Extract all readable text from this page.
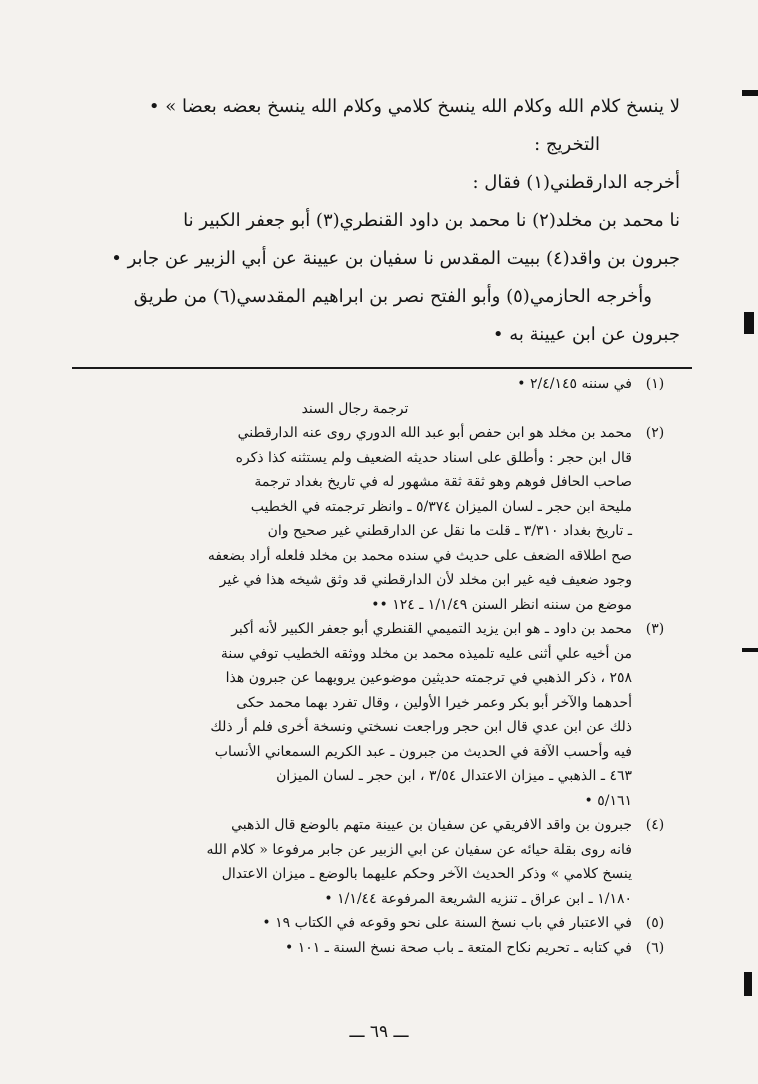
لا ينسخ كلام الله وكلام الله ينسخ كلامي وكلام الله ينسخ بعضه بعضا » •

التخريج :

أخرجه الدارقطني(١) فقال :

نا محمد بن مخلد(٢) نا محمد بن داود القنطري(٣) أبو جعفر الكبير نا

جبرون بن واقد(٤) ببيت المقدس نا سفيان بن عيينة عن أبي الزبير عن جابر •

وأخرجه الحازمي(٥) وأبو الفتح نصر بن ابراهيم المقدسي(٦) من طريق

جبرون عن ابن عيينة به •

(١)
في سننه ٢/٤/١٤٥ •
ترجمة رجال السند
(٢)
محمد بن مخلد هو ابن حفص أبو عبد الله الدوري روى عنه الدارقطني
قال ابن حجر : وأطلق على اسناد حديثه الضعيف ولم يستثنه كذا ذكره
صاحب الحافل فوهم وهو ثقة ثقة مشهور له في تاريخ بغداد ترجمة
مليحة ابن حجر ـ لسان الميزان ٥/٣٧٤ ـ وانظر ترجمته في الخطيب
ـ تاريخ بغداد ٣/٣١٠ ـ قلت ما نقل عن الدارقطني غير صحيح وان
صح اطلاقه الضعف على حديث في سنده محمد بن مخلد فلعله أراد بضعفه
وجود ضعيف فيه غير ابن مخلد لأن الدارقطني قد وثق شيخه هذا في غير
موضع من سننه انظر السنن ١/١/٤٩ ـ ١٢٤ ••
(٣)
محمد بن داود ـ هو ابن يزيد التميمي القنطري أبو جعفر الكبير لأنه أكبر
من أخيه علي أثنى عليه تلميذه محمد بن مخلد ووثقه الخطيب توفي سنة
٢٥٨ ، ذكر الذهبي في ترجمته حديثين موضوعين يرويهما عن جبرون هذا
أحدهما والآخر أبو بكر وعمر خيرا الأولين ، وقال تفرد بهما محمد حكى
ذلك عن ابن عدي قال ابن حجر وراجعت نسختي ونسخة أخرى فلم أر ذلك
فيه وأحسب الآفة في الحديث من جبرون ـ عبد الكريم السمعاني الأنساب
٤٦٣ ـ الذهبي ـ ميزان الاعتدال ٣/٥٤ ، ابن حجر ـ لسان الميزان
٥/١٦١ •
(٤)
جبرون بن واقد الافريقي عن سفيان بن عيينة متهم بالوضع قال الذهبي
فانه روى بقلة حيائه عن سفيان عن ابي الزبير عن جابر مرفوعا « كلام الله
ينسخ كلامي » وذكر الحديث الآخر وحكم عليهما بالوضع ـ ميزان الاعتدال
١/١٨٠ ـ ابن عراق ـ تنزيه الشريعة المرفوعة ١/١/٤٤ •
(٥)
في الاعتبار في باب نسخ السنة على نحو وقوعه في الكتاب ١٩ •
(٦)
في كتابه ـ تحريم نكاح المتعة ـ باب صحة نسخ السنة ـ ١٠١ •
ـــ ٦٩ ـــ
